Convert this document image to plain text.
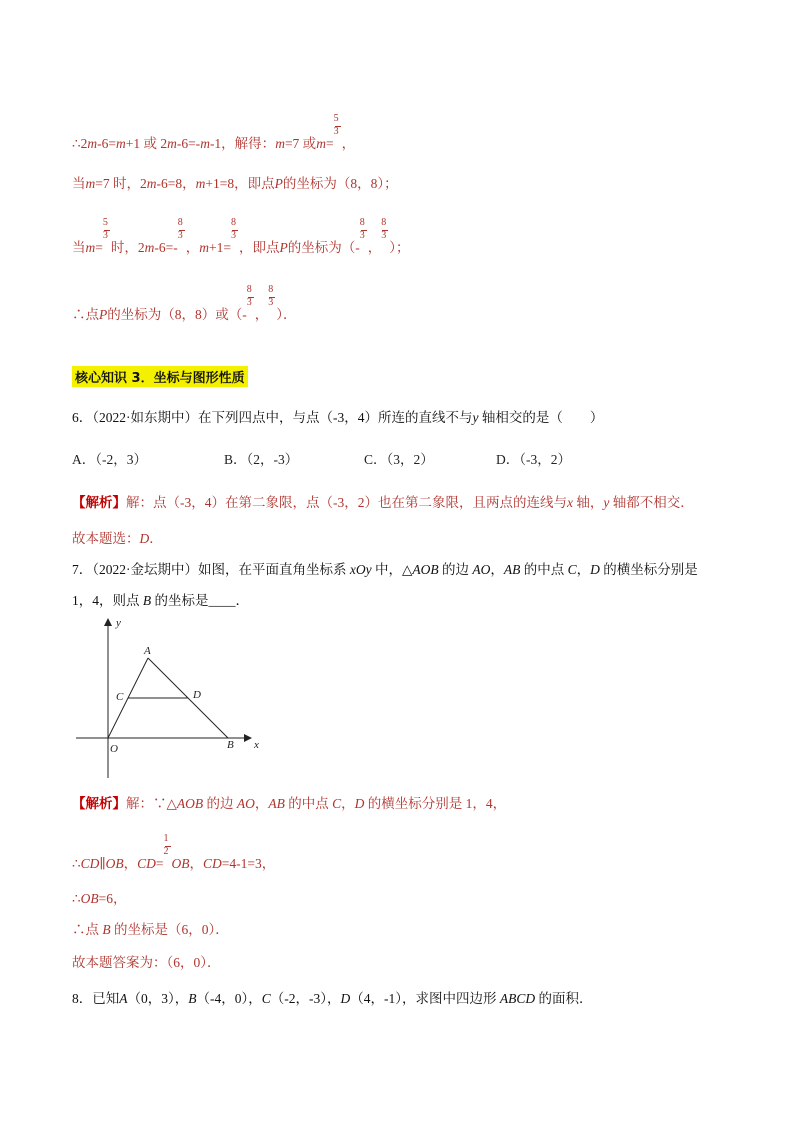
∴2m-6=m+1 或 2m-6=-m-1，解得：m=7 或$m= \frac{5}{3}$ ，
当m=7 时，2m-6=8，m+1=8，即点P的坐标为（8，8）；
当$m= \frac{5}{3}$ 时，$2m-6=- \frac{8}{3}$ ，$m+1= \frac{8}{3}$ ，即点P的坐标为（- $\frac{8}{3}$ ， $\frac{8}{3}$ ）；
∴点P的坐标为（8，8）或（- $\frac{8}{3}$ ， $\frac{8}{3}$ ）．
核心知识 3．坐标与图形性质
6．（2022·如东期中）在下列四点中，与点（-3，4）所连的直线不与y 轴相交的是（　　）
A．（-2，3）	B．（2，-3）	C．（3，2）	D．（-3，2）
【解析】解：点（-3，4）在第二象限，点（-3，2）也在第二象限，且两点的连线与x 轴，y 轴都不相交．
故本题选：D．
7．（2022·金坛期中）如图，在平面直角坐标系 xOy 中，△AOB 的边 AO，AB 的中点 C，D 的横坐标分别是
1，4，则点 B 的坐标是____．
y
A
C	D
O	B x
【解析】解：∵△AOB 的边 AO，AB 的中点 C，D 的横坐标分别是 1，4，
∴CD∥OB，$CD= \frac{1}{2}$ OB，CD=4-1=3，
∴OB=6，
∴点 B 的坐标是（6，0）．
故本题答案为：（6，0）．
8．已知A（0，3），B（-4，0），C（-2，-3），D（4，-1），求图中四边形 ABCD 的面积．
